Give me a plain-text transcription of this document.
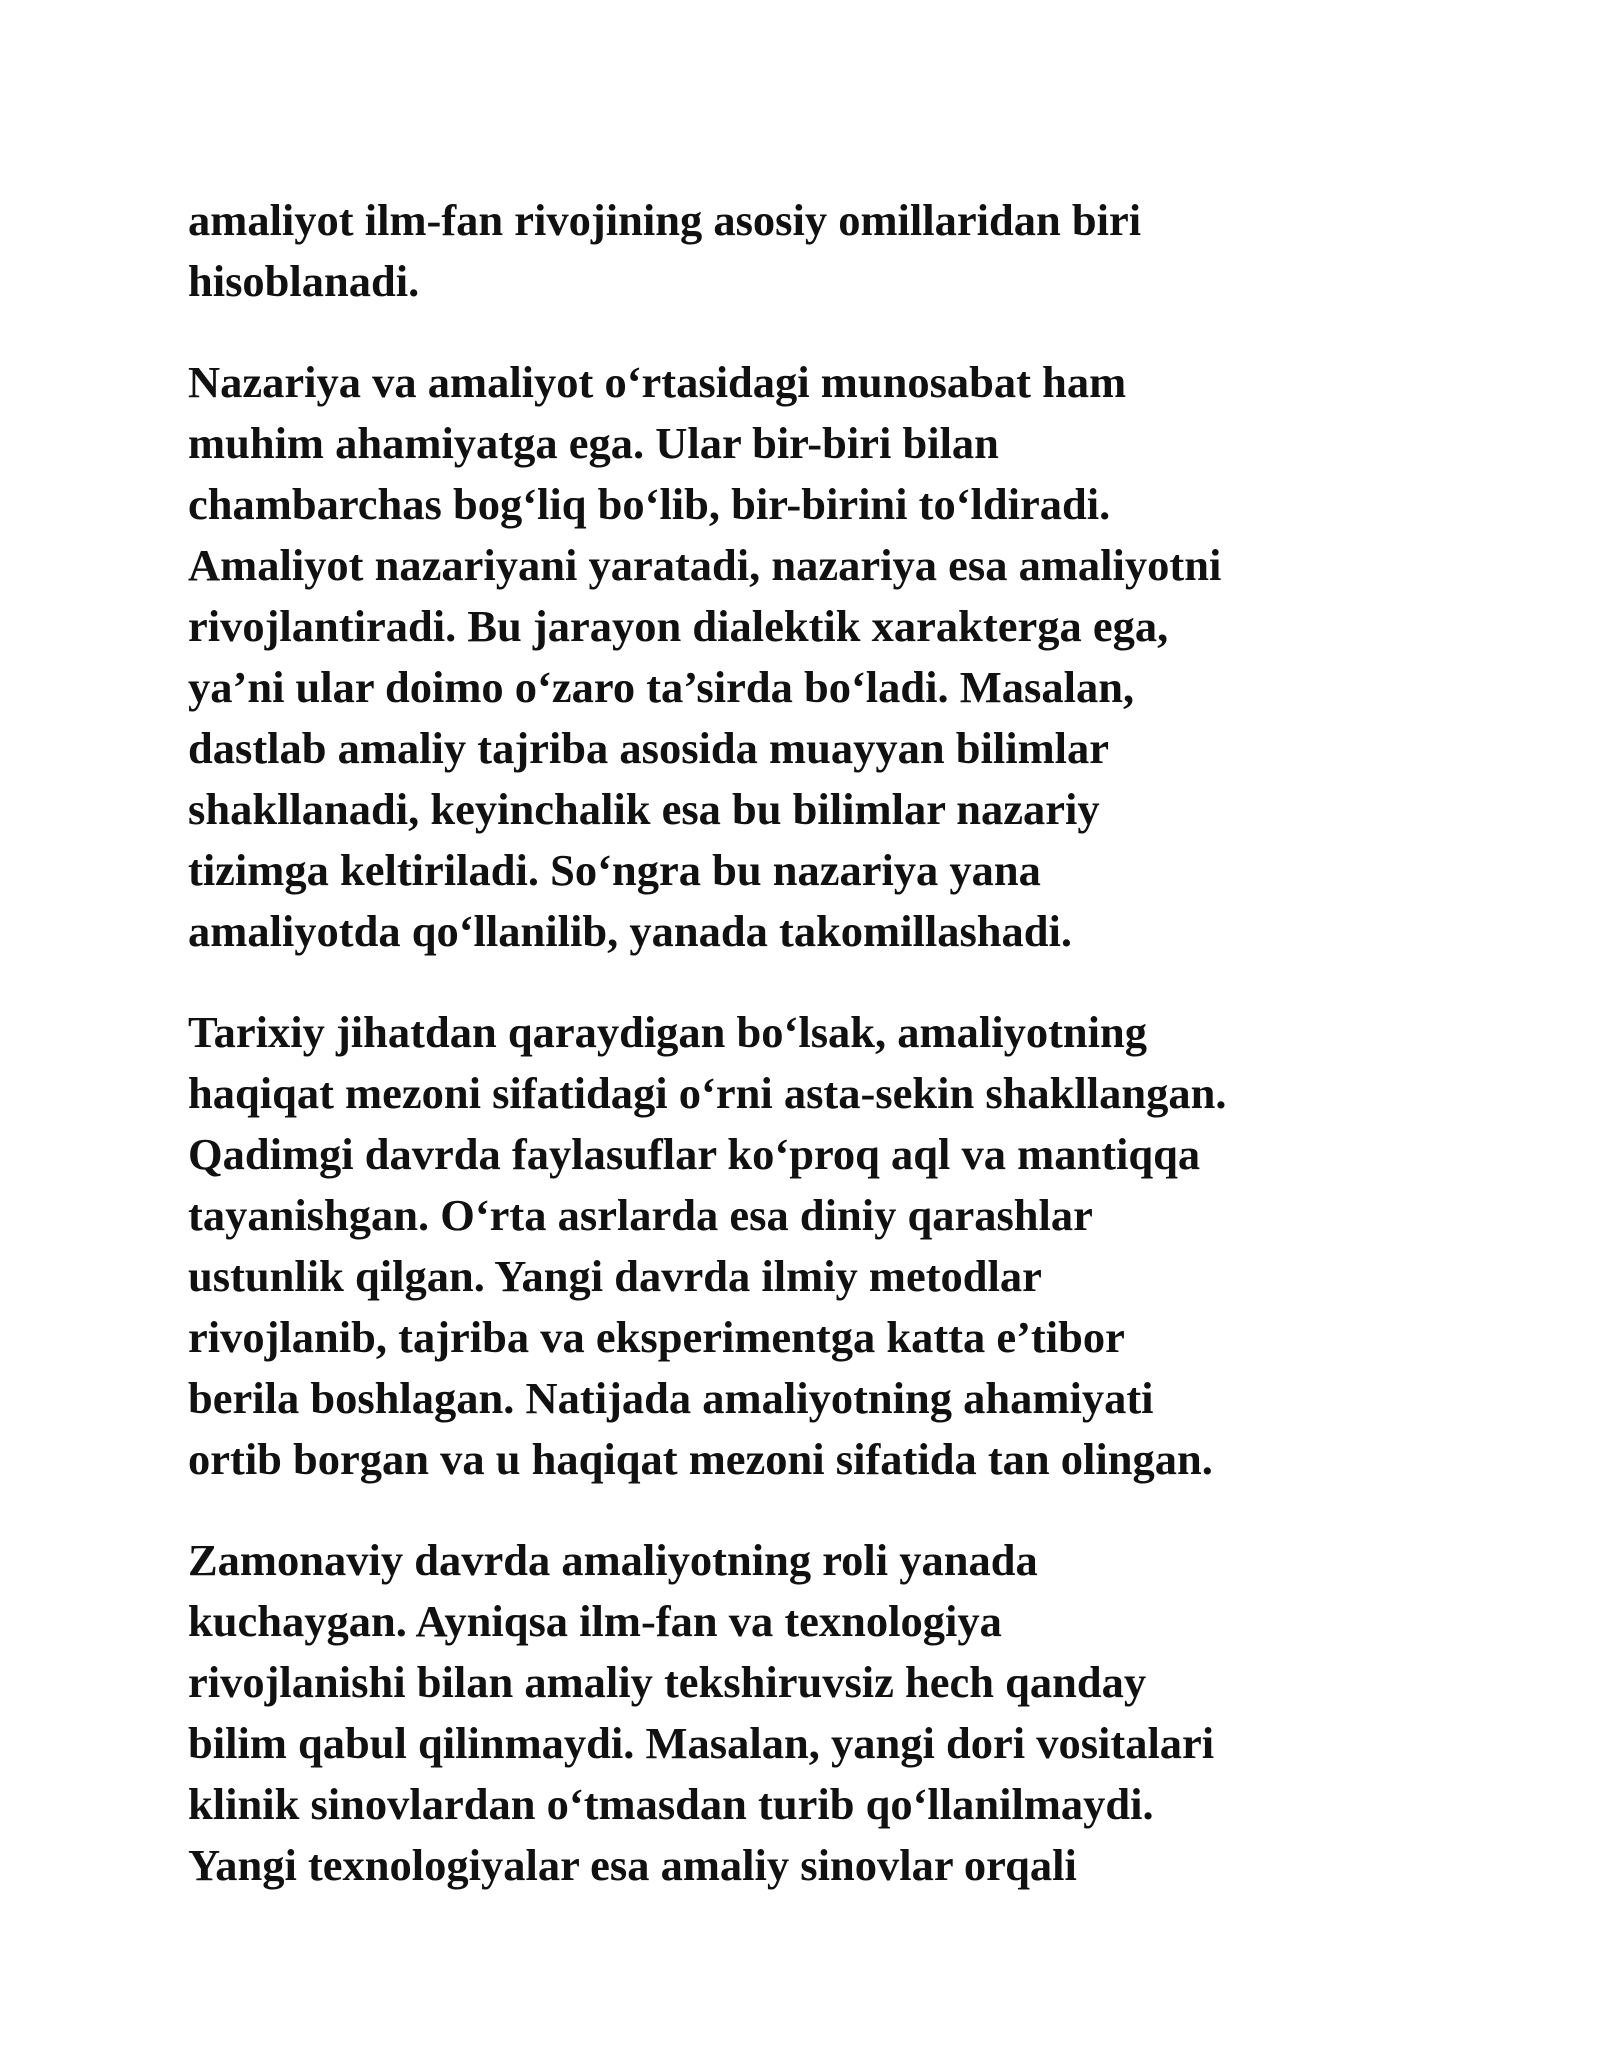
amaliyot ilm-fan rivojining asosiy omillaridan biri
hisoblanadi.
Nazariya va amaliyot o‘rtasidagi munosabat ham
muhim ahamiyatga ega. Ular bir-biri bilan
chambarchas bog‘liq bo‘lib, bir-birini to‘ldiradi.
Amaliyot nazariyani yaratadi, nazariya esa amaliyotni
rivojlantiradi. Bu jarayon dialektik xarakterga ega,
ya’ni ular doimo o‘zaro ta’sirda bo‘ladi. Masalan,
dastlab amaliy tajriba asosida muayyan bilimlar
shakllanadi, keyinchalik esa bu bilimlar nazariy
tizimga keltiriladi. So‘ngra bu nazariya yana
amaliyotda qo‘llanilib, yanada takomillashadi.
Tarixiy jihatdan qaraydigan bo‘lsak, amaliyotning
haqiqat mezoni sifatidagi o‘rni asta-sekin shakllangan.
Qadimgi davrda faylasuflar ko‘proq aql va mantiqqa
tayanishgan. O‘rta asrlarda esa diniy qarashlar
ustunlik qilgan. Yangi davrda ilmiy metodlar
rivojlanib, tajriba va eksperimentga katta e’tibor
berila boshlagan. Natijada amaliyotning ahamiyati
ortib borgan va u haqiqat mezoni sifatida tan olingan.
Zamonaviy davrda amaliyotning roli yanada
kuchaygan. Ayniqsa ilm-fan va texnologiya
rivojlanishi bilan amaliy tekshiruvsiz hech qanday
bilim qabul qilinmaydi. Masalan, yangi dori vositalari
klinik sinovlardan o‘tmasdan turib qo‘llanilmaydi.
Yangi texnologiyalar esa amaliy sinovlar orqali
